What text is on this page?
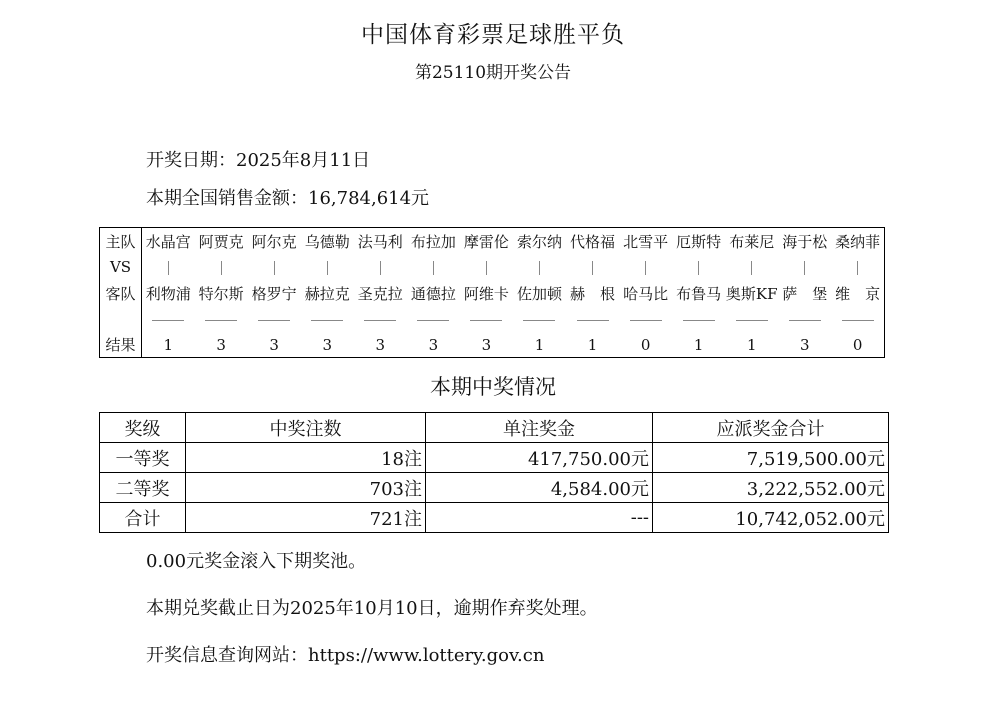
中国体育彩票足球胜平负
第25110期开奖公告
开奖日期：2025年8月11日
本期全国销售金额：16,784,614元
主队	水晶宫	阿贾克	阿尔克	乌德勒	法马利	布拉加	摩雷伦	索尔纳	代格福	北雪平	厄斯特	布莱尼	海于松	桑纳菲
VS														
客队	利物浦	特尔斯	格罗宁	赫拉克	圣克拉	通德拉	阿维卡	佐加顿	赫　根	哈马比	布鲁马	奥斯KF	萨　堡	维　京

结果	1	3	3	3	3	3	3	1	1	0	1	1	3	0
本期中奖情况
奖级	中奖注数	单注奖金	应派奖金合计
一等奖	18注	417,750.00元	7,519,500.00元
二等奖	703注	4,584.00元	3,222,552.00元
合计	721注	---	10,742,052.00元
0.00元奖金滚入下期奖池。
本期兑奖截止日为2025年10月10日，逾期作弃奖处理。
开奖信息查询网站：https://www.lottery.gov.cn
